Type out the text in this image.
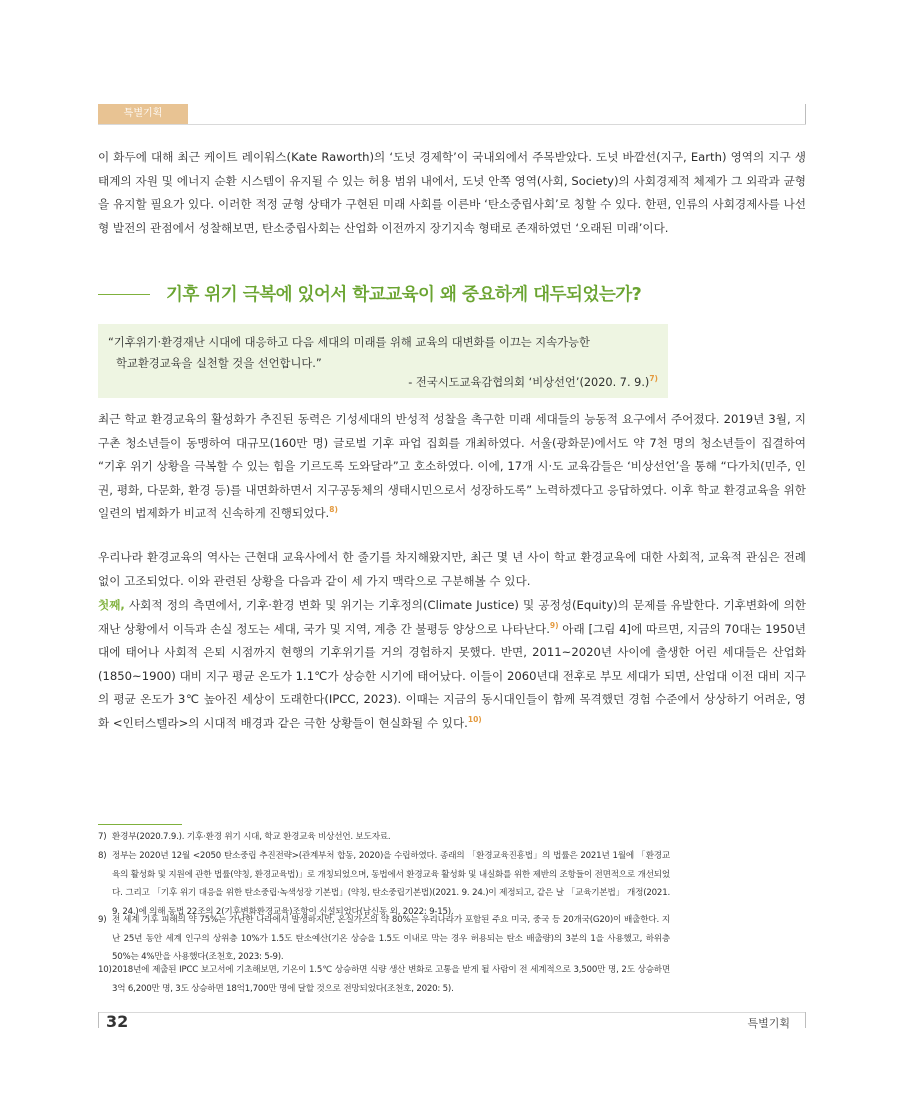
특별기획

이 화두에 대해 최근 케이트 레이워스(Kate Raworth)의 ‘도넛 경제학’이 국내외에서 주목받았다. 도넛 바깥선(지구, Earth) 영역의 지구 생태계의 자원 및 에너지 순환 시스템이 유지될 수 있는 허용 범위 내에서, 도넛 안쪽 영역(사회, Society)의 사회경제적 체제가 그 외곽과 균형을 유지할 필요가 있다. 이러한 적정 균형 상태가 구현된 미래 사회를 이른바 ‘탄소중립사회’로 칭할 수 있다. 한편, 인류의 사회경제사를 나선형 발전의 관점에서 성찰해보면, 탄소중립사회는 산업화 이전까지 장기지속 형태로 존재하였던 ‘오래된 미래’이다.

기후 위기 극복에 있어서 학교교육이 왜 중요하게 대두되었는가?

“기후위기·환경재난 시대에 대응하고 다음 세대의 미래를 위해 교육의 대변화를 이끄는 지속가능한
학교환경교육을 실천할 것을 선언합니다.”

- 전국시도교육감협의회 ‘비상선언’(2020. 7. 9.)$^{7)}$

최근 학교 환경교육의 활성화가 추진된 동력은 기성세대의 반성적 성찰을 촉구한 미래 세대들의 능동적 요구에서 주어졌다. 2019년 3월, 지구촌 청소년들이 동맹하여 대규모(160만 명) 글로벌 기후 파업 집회를 개최하였다. 서울(광화문)에서도 약 7천 명의 청소년들이 집결하여 “기후 위기 상황을 극복할 수 있는 힘을 기르도록 도와달라”고 호소하였다. 이에, 17개 시·도 교육감들은 ‘비상선언’을 통해 “다가치(민주, 인권, 평화, 다문화, 환경 등)를 내면화하면서 지구공동체의 생태시민으로서 성장하도록” 노력하겠다고 응답하였다. 이후 학교 환경교육을 위한 일련의 법제화가 비교적 신속하게 진행되었다.$^{8)}$

우리나라 환경교육의 역사는 근현대 교육사에서 한 줄기를 차지해왔지만, 최근 몇 년 사이 학교 환경교육에 대한 사회적, 교육적 관심은 전례 없이 고조되었다. 이와 관련된 상황을 다음과 같이 세 가지 맥락으로 구분해볼 수 있다.

첫째, 사회적 정의 측면에서, 기후·환경 변화 및 위기는 기후정의(Climate Justice) 및 공정성(Equity)의 문제를 유발한다. 기후변화에 의한 재난 상황에서 이득과 손실 정도는 세대, 국가 및 지역, 계층 간 불평등 양상으로 나타난다.$^{9)}$ 아래 [그림 4]에 따르면, 지금의 70대는 1950년대에 태어나 사회적 은퇴 시점까지 현행의 기후위기를 거의 경험하지 못했다. 반면, 2011~2020년 사이에 출생한 어린 세대들은 산업화(1850~1900) 대비 지구 평균 온도가 1.1℃가 상승한 시기에 태어났다. 이들이 2060년대 전후로 부모 세대가 되면, 산업대 이전 대비 지구의 평균 온도가 3℃ 높아진 세상이 도래한다(IPCC, 2023). 이때는 지금의 동시대인들이 함께 목격했던 경험 수준에서 상상하기 어려운, 영화 <인터스텔라>의 시대적 배경과 같은 극한 상황들이 현실화될 수 있다.$^{10)}$

7) 환경부(2020.7.9.). 기후·환경 위기 시대, 학교 환경교육 비상선언. 보도자료.
8) 정부는 2020년 12월 <2050 탄소중립 추진전략>(관계부처 합동, 2020)을 수립하였다. 종래의 「환경교육진흥법」의 법률은 2021년 1월에 「환경교육의 활성화 및 지원에 관한 법률(약칭, 환경교육법)」로 개칭되었으며, 동법에서 환경교육 활성화 및 내실화를 위한 제반의 조항들이 전면적으로 개선되었다. 그리고 「기후 위기 대응을 위한 탄소중립·녹색성장 기본법」(약칭, 탄소중립기본법)(2021. 9. 24.)이 제정되고, 같은 날 「교육기본법」 개정(2021. 9. 24.)에 의해 동법 22조의 2(기후변화환경교육)조항이 신설되었다(남신동 외, 2022: 9-15).
9) 전 세계 기후 피해의 약 75%는 가난한 나라에서 발생하지만, 온실가스의 약 80%는 우리나라가 포함된 주요 미국, 중국 등 20개국(G20)이 배출한다. 지난 25년 동안 세계 인구의 상위층 10%가 1.5도 탄소예산(기온 상승을 1.5도 이내로 막는 경우 허용되는 탄소 배출량)의 3분의 1을 사용했고, 하위층 50%는 4%만을 사용했다(조천호, 2023: 5-9).
10) 2018년에 제출된 IPCC 보고서에 기초해보면, 기온이 1.5℃ 상승하면 식량 생산 변화로 고통을 받게 될 사람이 전 세계적으로 3,500만 명, 2도 상승하면 3억 6,200만 명, 3도 상승하면 18억1,700만 명에 달할 것으로 전망되었다(조천호, 2020: 5).
32	특별기획
